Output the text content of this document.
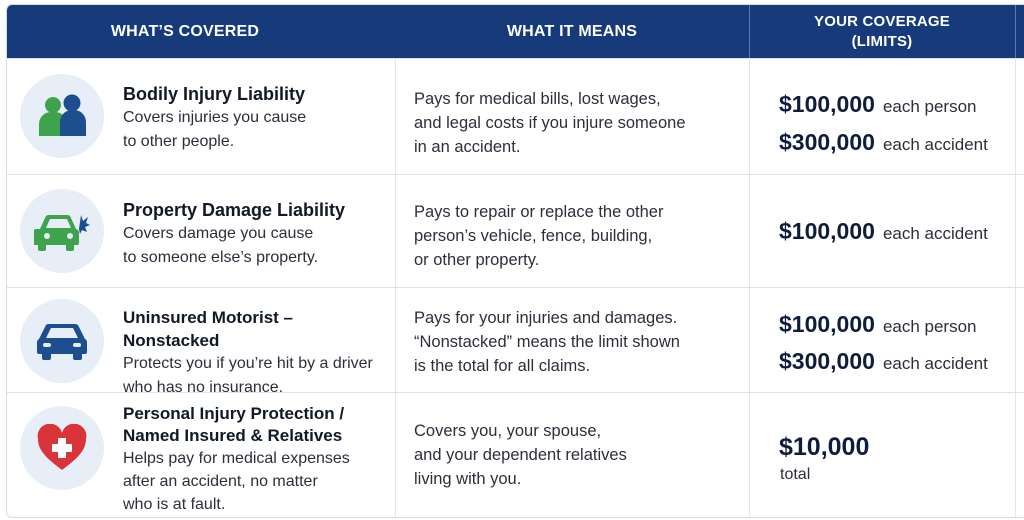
WHAT’S COVERED	WHAT IT MEANS
YOUR COVERAGE
(LIMITS)
Bodily Injury Liability
Covers injuries you cause
to other people.
Pays for medical bills, lost wages,
and legal costs if you injure someone
in an accident.
$100,000 each person
$300,000 each accident
Property Damage Liability
Covers damage you cause
to someone else’s property.
Pays to repair or replace the other
person’s vehicle, fence, building,
or other property.
$100,000 each accident
Uninsured Motorist – Nonstacked
Protects you if you’re hit by a driver
who has no insurance.
Pays for your injuries and damages.
“Nonstacked” means the limit shown
is the total for all claims.
$100,000 each person
$300,000 each accident
Personal Injury Protection /
Named Insured & Relatives
Helps pay for medical expenses
after an accident, no matter
who is at fault.
Covers you, your spouse,
and your dependent relatives
living with you.
$10,000
total
